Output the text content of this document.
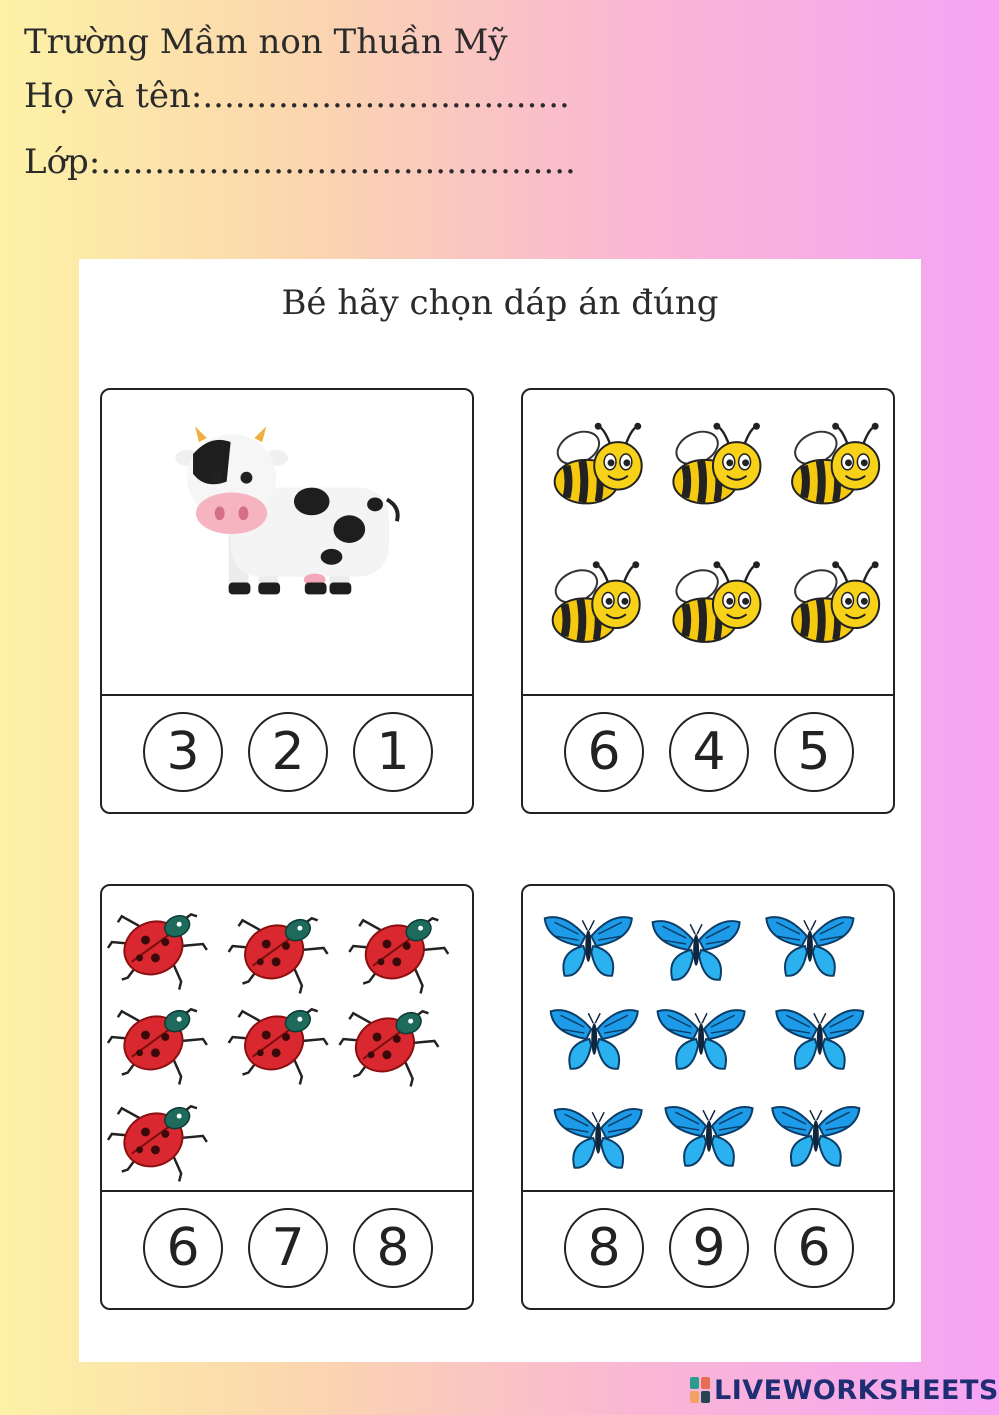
Trường Mầm non Thuần Mỹ
Họ và tên:..................................
Lớp:............................................
Bé hãy chọn dáp án đúng
3	2	1	6	4	5
6	7	8	8	9	6
LIVEWORKSHEETS
